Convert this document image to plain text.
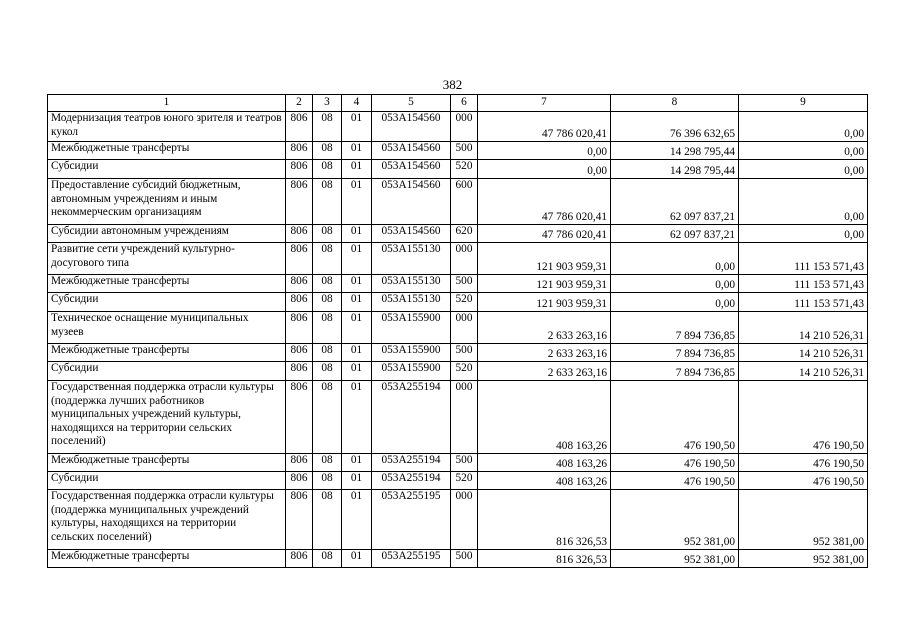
382
1	2	3	4	5	6	7	8	9
Модернизация театров юного зрителя и театров кукол	806	08	01	053А154560	000	47 786 020,41	76 396 632,65	0,00
Межбюджетные трансферты	806	08	01	053А154560	500	0,00	14 298 795,44	0,00
Субсидии	806	08	01	053А154560	520	0,00	14 298 795,44	0,00
Предоставление субсидий бюджетным, автономным учреждениям и иным некоммерческим организациям	806	08	01	053А154560	600	47 786 020,41	62 097 837,21	0,00
Субсидии автономным учреждениям	806	08	01	053А154560	620	47 786 020,41	62 097 837,21	0,00
Развитие сети учреждений культурно-досугового типа	806	08	01	053А155130	000	121 903 959,31	0,00	111 153 571,43
Межбюджетные трансферты	806	08	01	053А155130	500	121 903 959,31	0,00	111 153 571,43
Субсидии	806	08	01	053А155130	520	121 903 959,31	0,00	111 153 571,43
Техническое оснащение муниципальных музеев	806	08	01	053А155900	000	2 633 263,16	7 894 736,85	14 210 526,31
Межбюджетные трансферты	806	08	01	053А155900	500	2 633 263,16	7 894 736,85	14 210 526,31
Субсидии	806	08	01	053А155900	520	2 633 263,16	7 894 736,85	14 210 526,31
Государственная поддержка отрасли культуры (поддержка лучших работников муниципальных учреждений культуры, находящихся на территории сельских поселений)	806	08	01	053А255194	000	408 163,26	476 190,50	476 190,50
Межбюджетные трансферты	806	08	01	053А255194	500	408 163,26	476 190,50	476 190,50
Субсидии	806	08	01	053А255194	520	408 163,26	476 190,50	476 190,50
Государственная поддержка отрасли культуры (поддержка муниципальных учреждений культуры, находящихся на территории сельских поселений)	806	08	01	053А255195	000	816 326,53	952 381,00	952 381,00
Межбюджетные трансферты	806	08	01	053А255195	500	816 326,53	952 381,00	952 381,00
